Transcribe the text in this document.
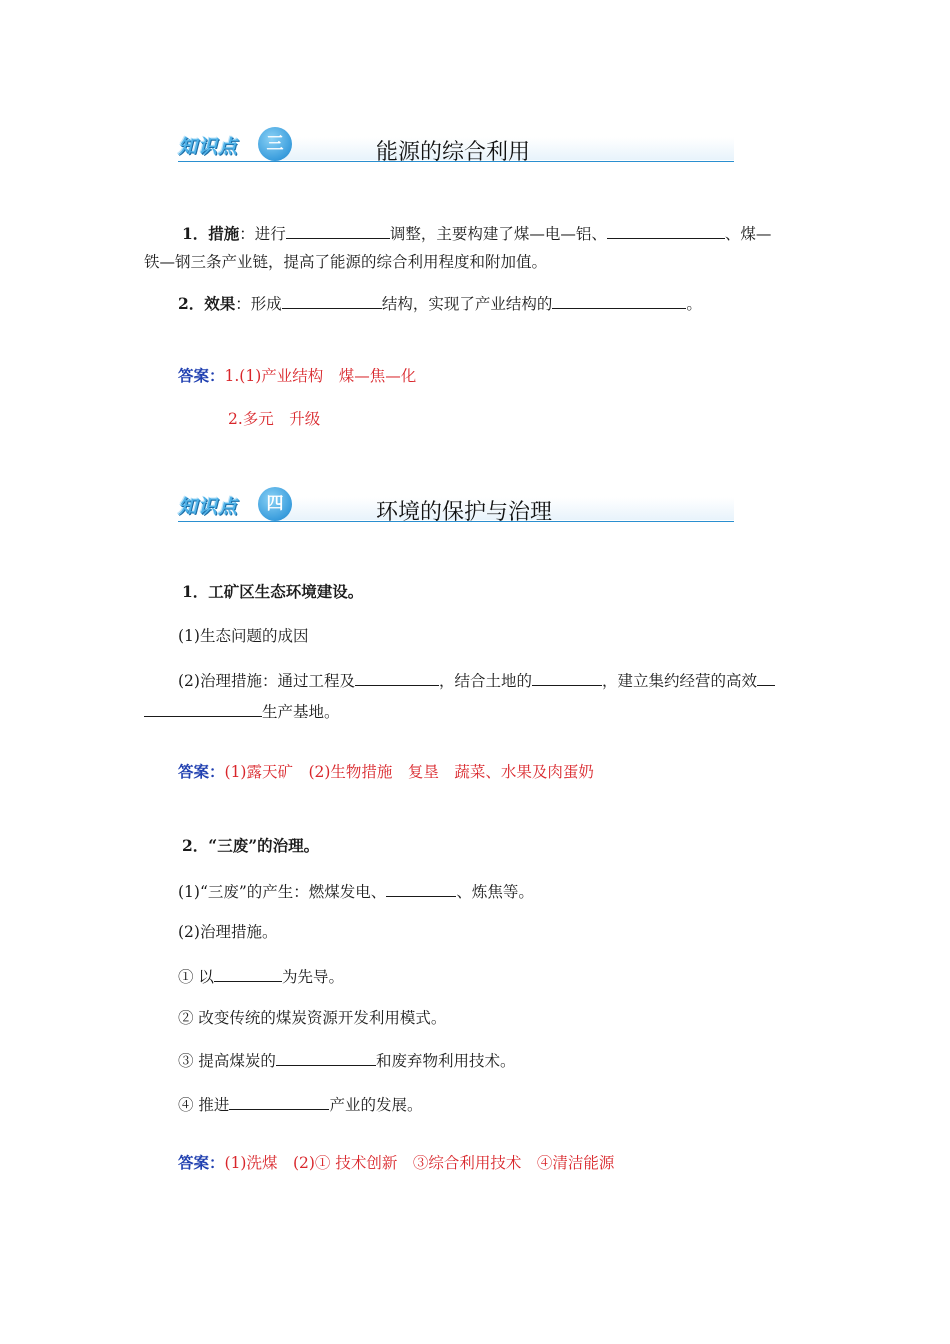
知识点	三	能源的综合利用
1．措施：进行	调整，主要构建了煤—电—铝、	、煤—
铁—钢三条产业链，提高了能源的综合利用程度和附加值。
2．效果：形成	结构，实现了产业结构的	。
答案：1.(1)产业结构　煤—焦—化
2.多元　升级
知识点	四	环境的保护与治理
1．工矿区生态环境建设。
(1)生态问题的成因
(2)治理措施：通过工程及	，结合土地的	，建立集约经营的高效
生产基地。
答案：(1)露天矿　(2)生物措施　复垦　蔬菜、水果及肉蛋奶
2．“三废”的治理。
(1)“三废”的产生：燃煤发电、	、炼焦等。
(2)治理措施。
① 以	为先导。
② 改变传统的煤炭资源开发利用模式。
③ 提高煤炭的	和废弃物利用技术。
④ 推进	产业的发展。
答案：(1)洗煤　(2)① 技术创新　③综合利用技术　④清洁能源
